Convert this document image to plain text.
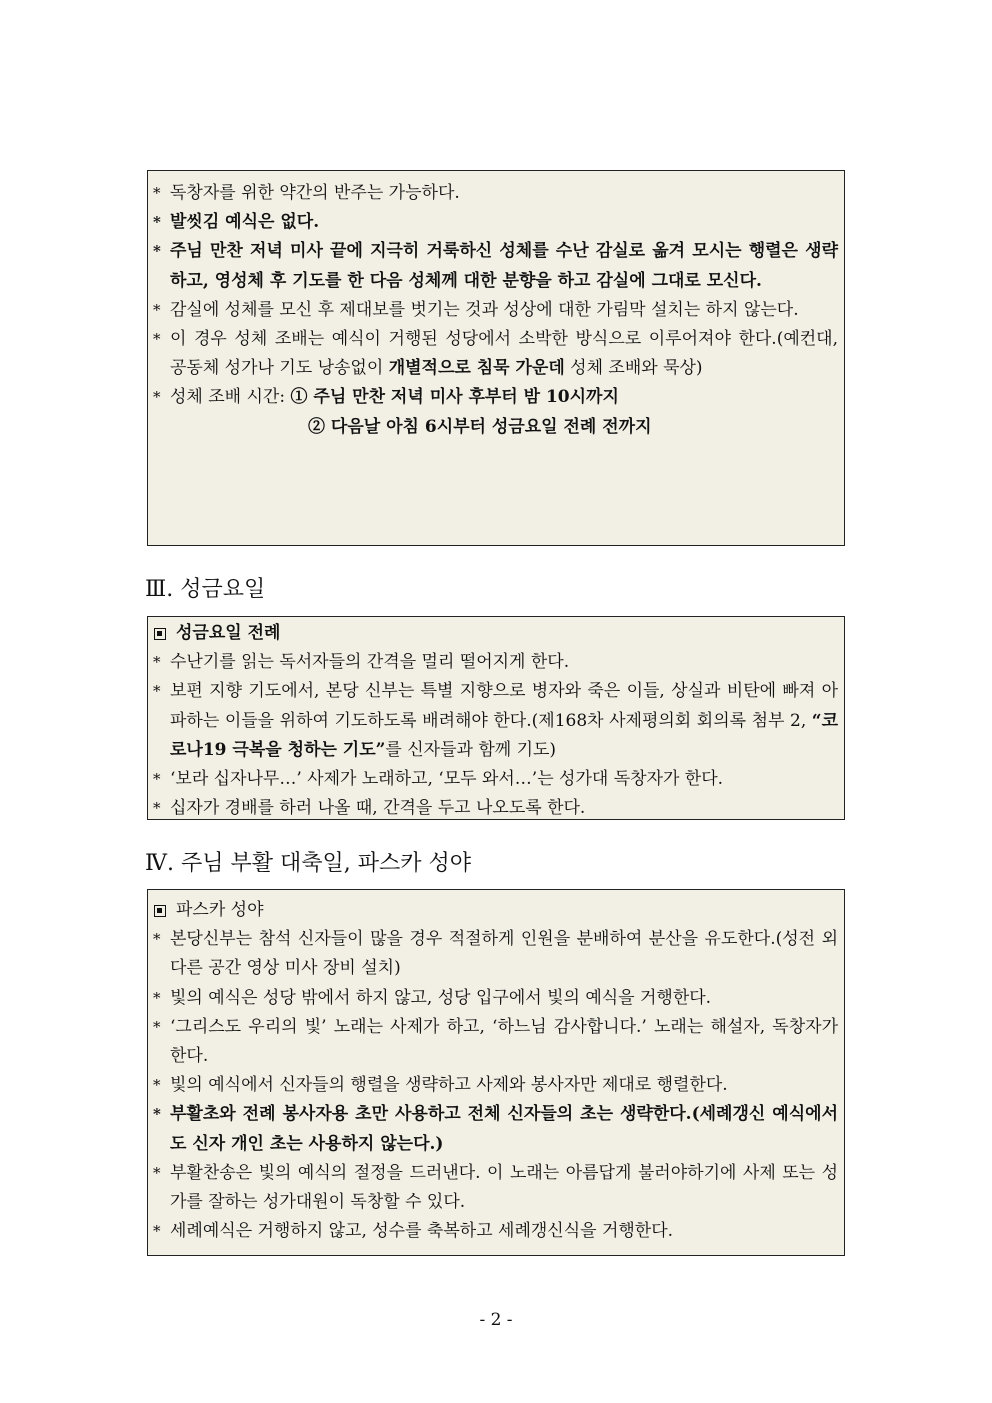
* 독창자를 위한 약간의 반주는 가능하다.
* 발씻김 예식은 없다.
* 주님 만찬 저녁 미사 끝에 지극히 거룩하신 성체를 수난 감실로 옮겨 모시는 행렬은 생략하고, 영성체 후 기도를 한 다음 성체께 대한 분향을 하고 감실에 그대로 모신다.
* 감실에 성체를 모신 후 제대보를 벗기는 것과 성상에 대한 가림막 설치는 하지 않는다.
* 이 경우 성체 조배는 예식이 거행된 성당에서 소박한 방식으로 이루어져야 한다.(예컨대, 공동체 성가나 기도 낭송없이 개별적으로 침묵 가운데 성체 조배와 묵상)
* 성체 조배 시간: ① 주님 만찬 저녁 미사 후부터 밤 10시까지
② 다음날 아침 6시부터 성금요일 전례 전까지
Ⅲ. 성금요일
성금요일 전례
* 수난기를 읽는 독서자들의 간격을 멀리 떨어지게 한다.
* 보편 지향 기도에서, 본당 신부는 특별 지향으로 병자와 죽은 이들, 상실과 비탄에 빠져 아파하는 이들을 위하여 기도하도록 배려해야 한다.(제168차 사제평의회 회의록 첨부 2, “코로나19 극복을 청하는 기도”를 신자들과 함께 기도)
* ‘보라 십자나무…’ 사제가 노래하고, ‘모두 와서…’는 성가대 독창자가 한다.
* 십자가 경배를 하러 나올 때, 간격을 두고 나오도록 한다.
Ⅳ. 주님 부활 대축일, 파스카 성야
파스카 성야
* 본당신부는 참석 신자들이 많을 경우 적절하게 인원을 분배하여 분산을 유도한다.(성전 외 다른 공간 영상 미사 장비 설치)
* 빛의 예식은 성당 밖에서 하지 않고, 성당 입구에서 빛의 예식을 거행한다.
* ‘그리스도 우리의 빛’ 노래는 사제가 하고, ‘하느님 감사합니다.’ 노래는 해설자, 독창자가 한다.
* 빛의 예식에서 신자들의 행렬을 생략하고 사제와 봉사자만 제대로 행렬한다.
* 부활초와 전례 봉사자용 초만 사용하고 전체 신자들의 초는 생략한다.(세례갱신 예식에서도 신자 개인 초는 사용하지 않는다.)
* 부활찬송은 빛의 예식의 절정을 드러낸다. 이 노래는 아름답게 불러야하기에 사제 또는 성가를 잘하는 성가대원이 독창할 수 있다.
* 세례예식은 거행하지 않고, 성수를 축복하고 세례갱신식을 거행한다.
- 2 -
